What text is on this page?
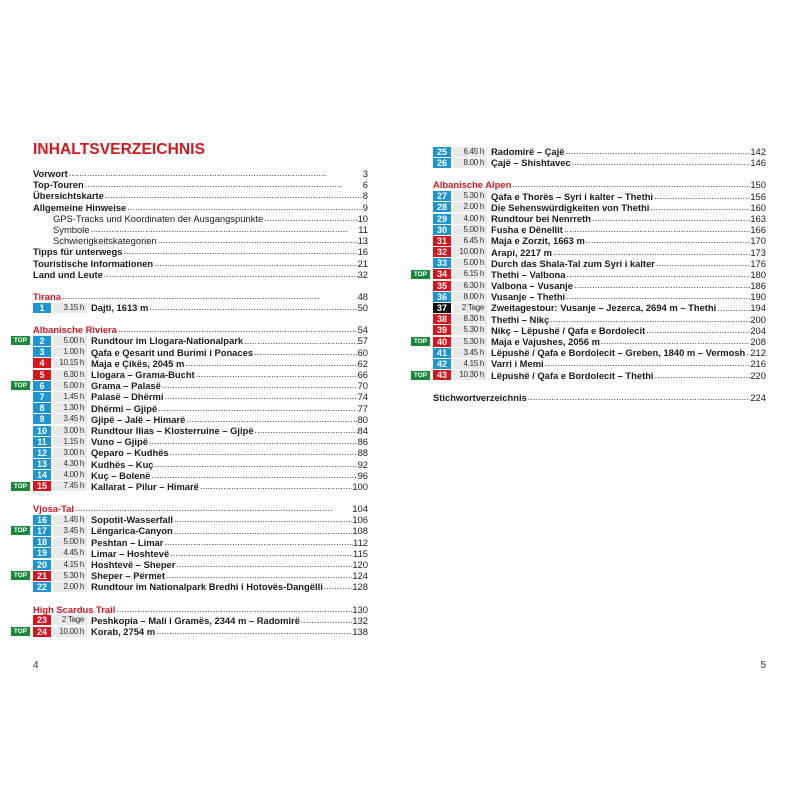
INHALTSVERZEICHNIS
Vorwort . . .	3
Top-Touren . . .	6
Übersichtskarte . . .	8
Allgemeine Hinweise . . .	9
GPS-Tracks und Koordinaten der Ausgangspunkte . . .	10
Symbole . . .	11
Schwierigkeitskategorien . . .	13
Tipps für unterwegs . . .	16
Touristische Informationen . . .	21
Land und Leute . . .	32
Tirana . . .	48
1	3.15 h Dajti, 1613 m . . .	50
Albanische Riviera . . .	54
TOP	2	5.00 h Rundtour im Llogara-Nationalpark . . .	57
3	1.00 h Qafa e Qesarit und Burimi i Ponaces . . .	60
4	10.15 h Maja e Çikës, 2045 m . . .	62
5	6.30 h Llogara – Grama-Bucht . . .	66
TOP	6	5.00 h Grama – Palasë . . .	70
7	1.45 h Palasë – Dhërmi . . .	74
8	1.30 h Dhërmi – Gjipë . . .	77
9	3.45 h Gjipë – Jalë – Himarë . . .	80
10	3.00 h Rundtour Ilias – Klosterruine – Gjipë . . .	84
11	1.15 h Vuno – Gjipë . . .	86
12	3.00 h Qeparo – Kudhës . . .	88
13	4.30 h Kudhës – Kuç . . .	92
14	4.00 h Kuç – Bolenë . . .	96
TOP	15	7.45 h Kallarat – Pilur – Himarë . . .	100
Vjosa-Tal . . .	104
16	1.45 h Sopotit-Wasserfall . . .	106
TOP	17	3.45 h Lëngarica-Canyon . . .	108
18	5.00 h Peshtan – Limar . . .	112
19	4.45 h Limar – Hoshtevë . . .	115
20	4.15 h Hoshtevë – Sheper . . .	120
TOP	21	5.30 h Sheper – Përmet . . .	124
22	2.00 h Rundtour im Nationalpark Bredhi i Hotovës-Dangëlli . . .	128
High Scardus Trail . . .	130
23	2 Tage Peshkopia – Mali i Gramës, 2344 m – Radomirë . . .	132
TOP	24	10.00 h Korab, 2754 m . . .	138
4
25	6.45 h Radomirë – Çajë . . .	142
26	8.00 h Çajë – Shishtavec . . .	146
Albanische Alpen . . .	150
27	5.30 h Qafa e Thorës – Syri i kalter – Thethi . . .	156
28	2.00 h Die Sehenswürdigkeiten von Thethi . . .	160
29	4.00 h Rundtour bei Nenrreth . . .	163
30	5.00 h Fusha e Dënellit . . .	166
31	6.45 h Maja e Zorzit, 1663 m . . .	170
32	10.00 h Arapi, 2217 m . . .	173
33	5.00 h Durch das Shala-Tal zum Syri i kalter . . .	176
TOP	34	6.15 h Thethi – Valbona . . .	180
35	6.30 h Valbona – Vusanje . . .	186
36	8.00 h Vusanje – Thethi . . .	190
37	2 Tage Zweitagestour: Vusanje – Jezerca, 2694 m – Thethi . . .	194
38	8.30 h Thethi – Nikç . . .	200
39	5.30 h Nikç – Lëpushë / Qafa e Bordolecit . . .	204
TOP	40	5.30 h Maja e Vajushes, 2056 m . . .	208
41	3.45 h Lëpushë / Qafa e Bordolecit – Greben, 1840 m – Vermosh . . . 212
42	4.15 h Varri i Memi . . .	216
TOP	43	10.30 h Lëpushë / Qafa e Bordolecit – Thethi . . .	220
Stichwortverzeichnis . . .	224
5
